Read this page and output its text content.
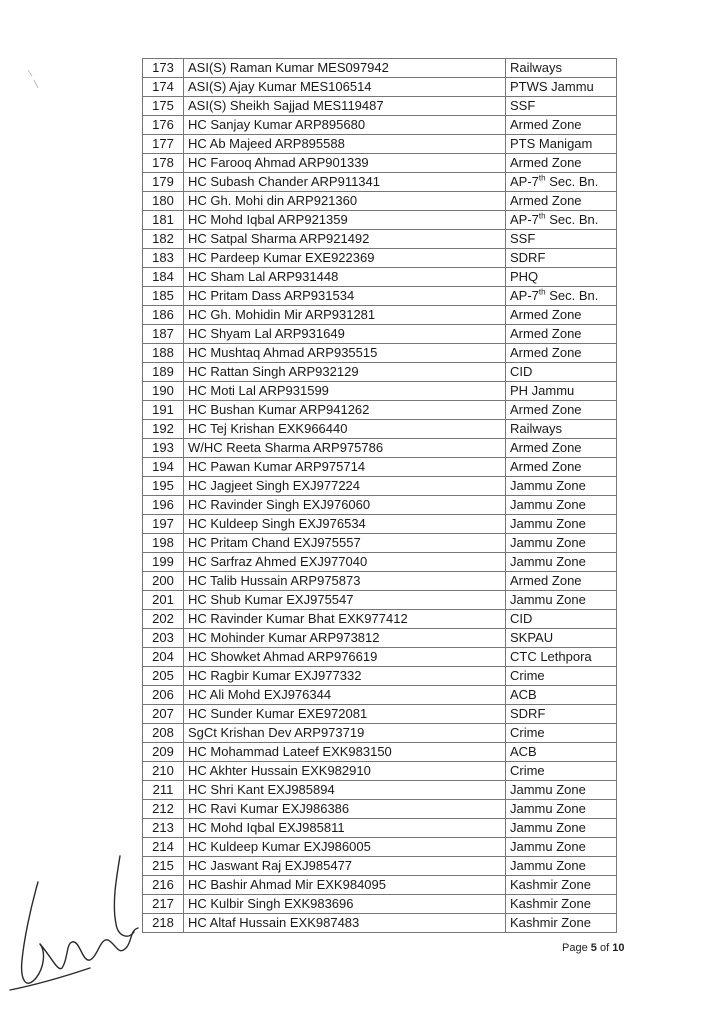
173	ASI(S) Raman Kumar MES097942	Railways
174	ASI(S) Ajay Kumar MES106514	PTWS Jammu
175	ASI(S) Sheikh Sajjad MES119487	SSF
176	HC Sanjay Kumar ARP895680	Armed Zone
177	HC Ab Majeed ARP895588	PTS Manigam
178	HC Farooq Ahmad ARP901339	Armed Zone
179	HC Subash Chander ARP911341	AP-7th Sec. Bn.
180	HC Gh. Mohi din ARP921360	Armed Zone
181	HC Mohd Iqbal ARP921359	AP-7th Sec. Bn.
182	HC Satpal Sharma ARP921492	SSF
183	HC Pardeep Kumar EXE922369	SDRF
184	HC Sham Lal ARP931448	PHQ
185	HC Pritam Dass ARP931534	AP-7th Sec. Bn.
186	HC Gh. Mohidin Mir ARP931281	Armed Zone
187	HC Shyam Lal ARP931649	Armed Zone
188	HC Mushtaq Ahmad ARP935515	Armed Zone
189	HC Rattan Singh ARP932129	CID
190	HC Moti Lal ARP931599	PH Jammu
191	HC Bushan Kumar ARP941262	Armed Zone
192	HC Tej Krishan EXK966440	Railways
193	W/HC Reeta Sharma ARP975786	Armed Zone
194	HC Pawan Kumar ARP975714	Armed Zone
195	HC Jagjeet Singh EXJ977224	Jammu Zone
196	HC Ravinder Singh EXJ976060	Jammu Zone
197	HC Kuldeep Singh EXJ976534	Jammu Zone
198	HC Pritam Chand EXJ975557	Jammu Zone
199	HC Sarfraz Ahmed EXJ977040	Jammu Zone
200	HC Talib Hussain ARP975873	Armed Zone
201	HC Shub Kumar EXJ975547	Jammu Zone
202	HC Ravinder Kumar Bhat EXK977412	CID
203	HC Mohinder Kumar ARP973812	SKPAU
204	HC Showket Ahmad ARP976619	CTC Lethpora
205	HC Ragbir Kumar EXJ977332	Crime
206	HC Ali Mohd EXJ976344	ACB
207	HC Sunder Kumar EXE972081	SDRF
208	SgCt Krishan Dev ARP973719	Crime
209	HC Mohammad Lateef EXK983150	ACB
210	HC Akhter Hussain EXK982910	Crime
211	HC Shri Kant EXJ985894	Jammu Zone
212	HC Ravi Kumar EXJ986386	Jammu Zone
213	HC Mohd Iqbal EXJ985811	Jammu Zone
214	HC Kuldeep Kumar EXJ986005	Jammu Zone
215	HC Jaswant Raj EXJ985477	Jammu Zone
216	HC Bashir Ahmad Mir EXK984095	Kashmir Zone
217	HC Kulbir Singh EXK983696	Kashmir Zone
218	HC Altaf Hussain EXK987483	Kashmir Zone
Page 5 of 10
